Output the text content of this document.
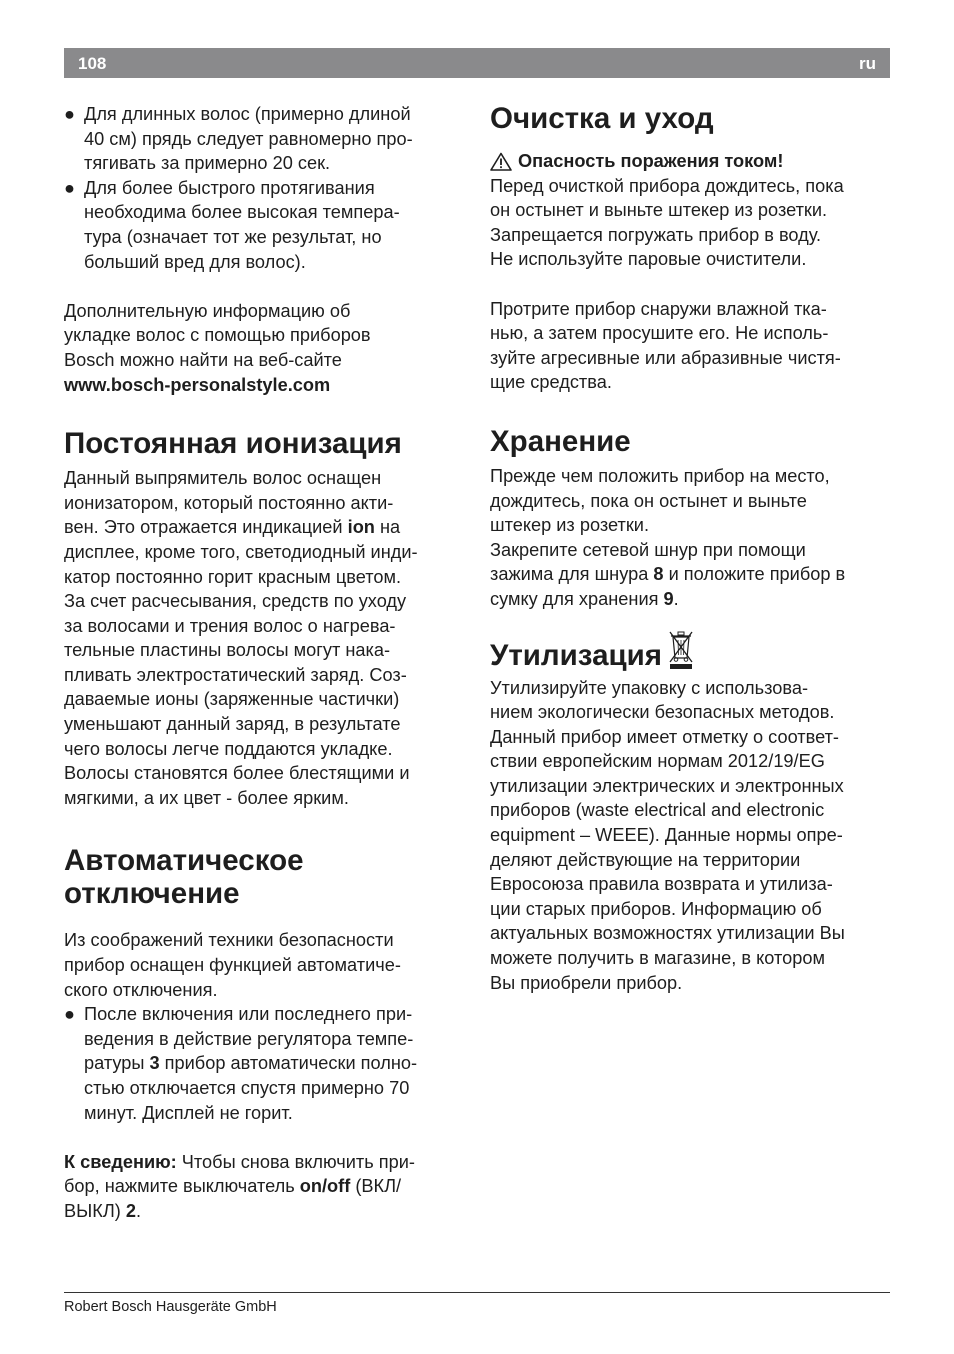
108	ru
● Для длинных волос (примерно длиной

40 см) прядь следует равномерно про-

тягивать за примерно 20 сек.

● Для более быстрого протягивания

необходима более высокая темпера-

тура (означает тот же результат, но

больший вред для волос).

Дополнительную информацию об

укладке волос с помощью приборов

Bosch можно найти на веб-сайте

www.bosch-personalstyle.com

Постоянная ионизация

Данный выпрямитель волос оснащен

ионизатором, который постоянно акти-

вен. Это отражается индикацией ion на

дисплее, кроме того, светодиодный инди-

катор постоянно горит красным цветом.

За счет расчесывания, средств по уходу

за волосами и трения волос о нагрева-

тельные пластины волосы могут нака-

пливать электростатический заряд. Соз-

даваемые ионы (заряженные частички)

уменьшают данный заряд, в результате

чего волосы легче поддаются укладке.

Волосы становятся более блестящими и

мягкими, а их цвет - более ярким.

Автоматическое
отключение

Из соображений техники безопасности

прибор оснащен функцией автоматиче-

ского отключения.

● После включения или последнего при-

ведения в действие регулятора темпе-

ратуры 3 прибор автоматически полно-

стью отключается спустя примерно 70

минут. Дисплей не горит.

К сведению: Чтобы снова включить при-

бор, нажмите выключатель on/off (ВКЛ/

ВЫКЛ) 2.

Очистка и уход

Опасность поражения током!

Перед очисткой прибора дождитесь, пока

он остынет и выньте штекер из розетки.

Запрещается погружать прибор в воду.

Не используйте паровые очистители.

Протрите прибор снаружи влажной тка-

нью, а затем просушите его. Не исполь-

зуйте агресивные или абразивные чистя-

щие средства.

Хранение

Прежде чем положить прибор на место,

дождитесь, пока он остынет и выньте

штекер из розетки.

Закрепите сетевой шнур при помощи

зажима для шнура 8 и положите прибор в

сумку для хранения 9.

Утилизация

Утилизируйте упаковку с использова-

нием экологически безопасных методов.

Данный прибор имеет отметку о соответ-

ствии европейским нормам 2012/19/EG

утилизации электрических и электронных

приборов (waste electrical and electronic

equipment – WEEE). Данные нормы опре-

деляют действующие на территории

Евросоюза правила возврата и утилиза-

ции старых приборов. Информацию об

актуальных возможностях утилизации Вы

можете получить в магазине, в котором

Вы приобрели прибор.

Robert Bosch Hausgeräte GmbH
